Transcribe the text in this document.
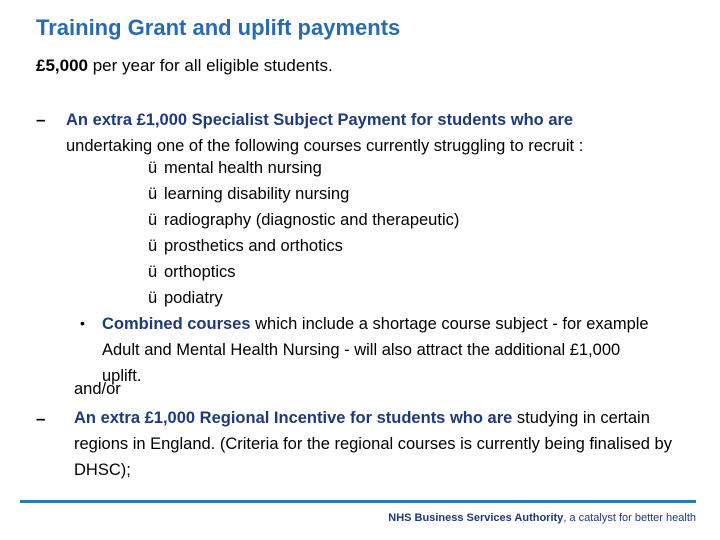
Training Grant and uplift payments
£5,000 per year for all eligible students.
– An extra £1,000 Specialist Subject Payment for students who are
undertaking one of the following courses currently struggling to recruit :
ü mental health nursing
ü learning disability nursing
ü radiography (diagnostic and therapeutic)
ü prosthetics and orthotics
ü orthoptics
ü podiatry
• Combined courses which include a shortage course subject - for example Adult and Mental Health Nursing - will also attract the additional £1,000 uplift.
and/or
– An extra £1,000 Regional Incentive for students who are studying in certain regions in England. (Criteria for the regional courses is currently being finalised by DHSC);
NHS Business Services Authority, a catalyst for better health
